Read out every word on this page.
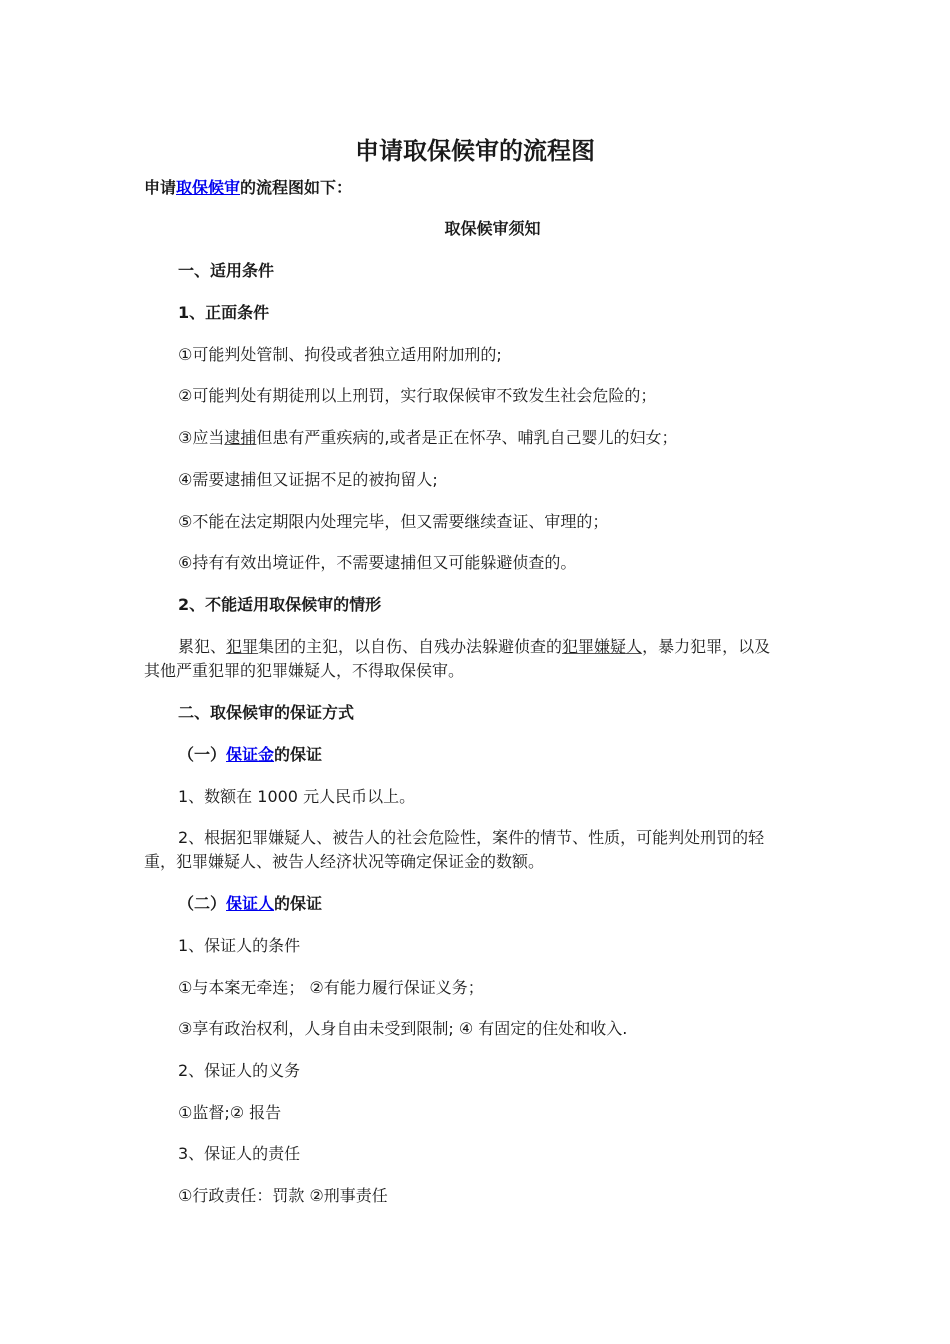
申请取保候审的流程图
申请取保候审的流程图如下：
取保候审须知
一、适用条件
1、正面条件
①可能判处管制、拘役或者独立适用附加刑的;
②可能判处有期徒刑以上刑罚，实行取保候审不致发生社会危险的；
③应当逮捕但患有严重疾病的,或者是正在怀孕、哺乳自己婴儿的妇女；
④需要逮捕但又证据不足的被拘留人;
⑤不能在法定期限内处理完毕，但又需要继续查证、审理的；
⑥持有有效出境证件，不需要逮捕但又可能躲避侦查的。
2、不能适用取保候审的情形
累犯、犯罪集团的主犯，以自伤、自残办法躲避侦查的犯罪嫌疑人，暴力犯罪，以及
其他严重犯罪的犯罪嫌疑人，不得取保侯审。
二、取保候审的保证方式
（一）保证金的保证
1、数额在 1000 元人民币以上。
2、根据犯罪嫌疑人、被告人的社会危险性，案件的情节、性质，可能判处刑罚的轻
重，犯罪嫌疑人、被告人经济状况等确定保证金的数额。
（二）保证人的保证
1、保证人的条件
①与本案无牵连； ②有能力履行保证义务；
③享有政治权利，人身自由未受到限制; ④ 有固定的住处和收入.
2、保证人的义务
①监督;② 报告
3、保证人的责任
①行政责任：罚款 ②刑事责任
